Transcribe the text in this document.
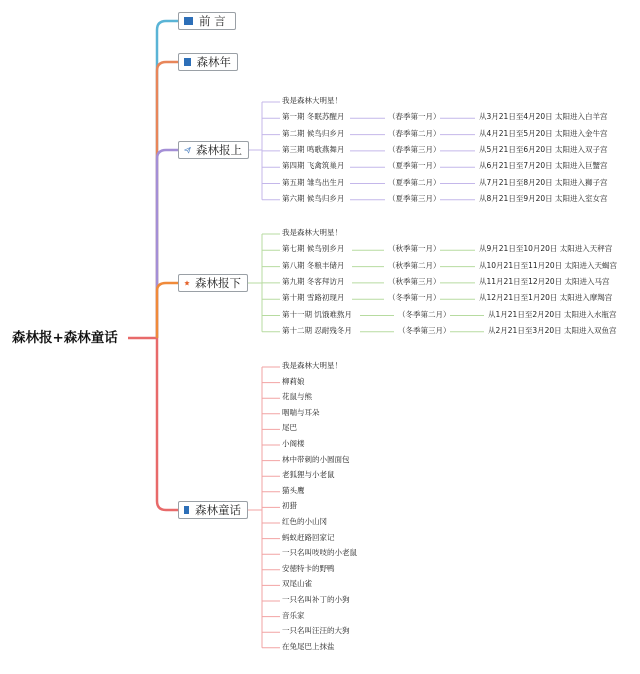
森林报+森林童话
前 言
森林年
森林报上
森林报下
森林童话
我是森林大明星！
第一期 冬眠苏醒月	（春季第一月）	从3月21日至4月20日 太阳进入白羊宫
第二期 候鸟归乡月	（春季第二月）	从4月21日至5月20日 太阳进入金牛宫
第三期 鸣歌燕舞月	（春季第三月）	从5月21日至6月20日 太阳进入双子宫
第四期 飞禽筑巢月	（夏季第一月）	从6月21日至7月20日 太阳进入巨蟹宫
第五期 雏鸟出生月	（夏季第二月）	从7月21日至8月20日 太阳进入狮子宫
第六期 候鸟归乡月	（夏季第三月）	从8月21日至9月20日 太阳进入室女宫
我是森林大明星！
第七期 候鸟别乡月	（秋季第一月）	从9月21日至10月20日 太阳进入天秤宫
第八期 冬粮丰储月	（秋季第二月）	从10月21日至11月20日 太阳进入天蝎宫
第九期 冬客拜访月	（秋季第三月）	从11月21日至12月20日 太阳进入马宫
第十期 雪路初现月	（冬季第一月）	从12月21日至1月20日 太阳进入摩羯宫
第十一期 饥饿难熬月	（冬季第二月）	从1月21日至2月20日 太阳进入水瓶宫
第十二期 忍耐残冬月	（冬季第三月）	从2月21日至3月20日 太阳进入双鱼宫
我是森林大明星！
柳莉娘
花鼠与熊
咽喘与耳朵
尾巴
小阁楼
林中带刺的小圆面包
老狐狸与小老鼠
猫头鹰
初猎
红色的小山冈
蚂蚁赶路回家记
一只名叫吱吱的小老鼠
安徳特卡的野鸭
双尾山雀
一只名叫补丁的小狗
音乐家
一只名叫汪汪的大狗
在兔尾巴上抹盐
